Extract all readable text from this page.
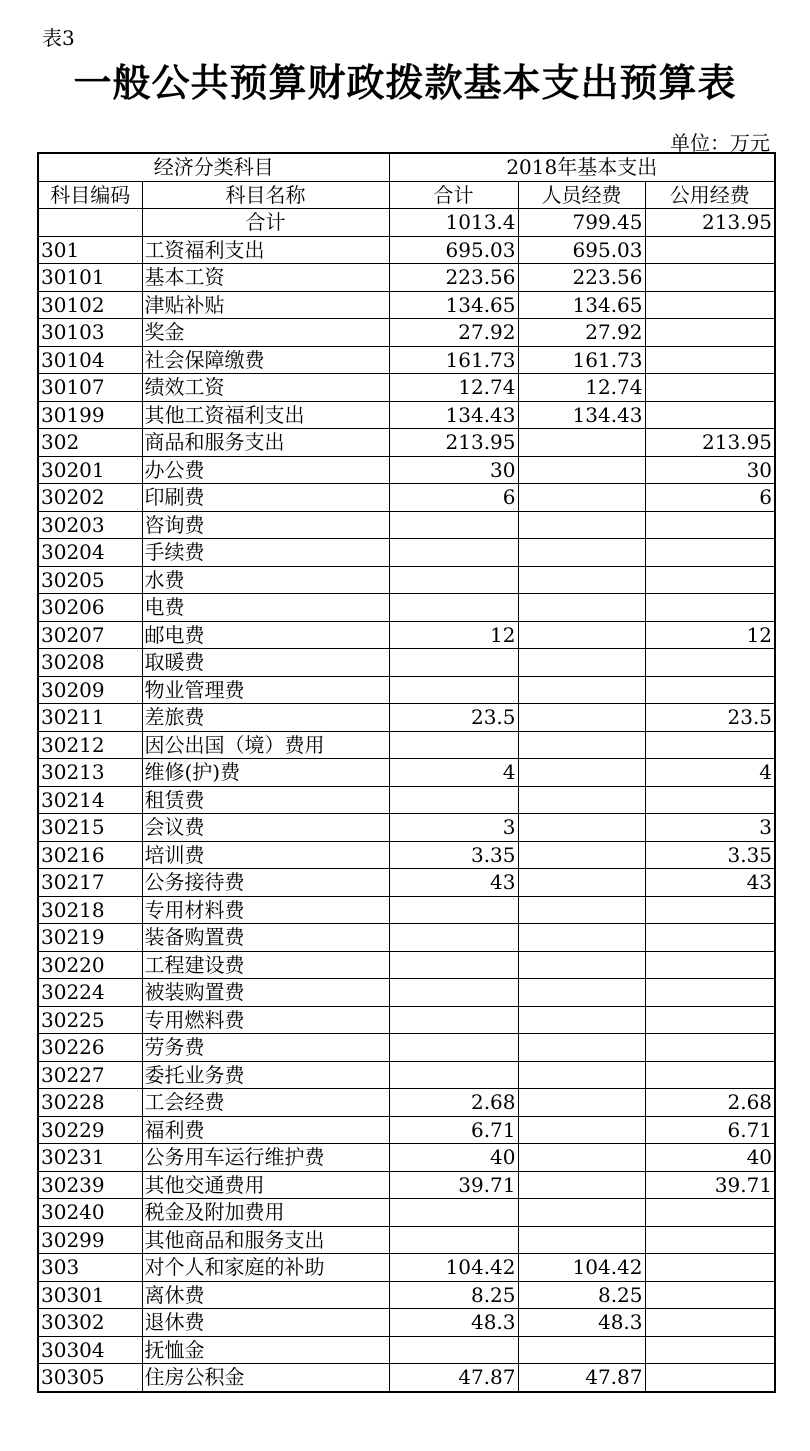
表3
一般公共预算财政拨款基本支出预算表
单位：万元
经济分类科目		2018年基本支出		
科目编码	科目名称	合计	人员经费	公用经费
	合计	1013.4	799.45	213.95
301	工资福利支出	695.03	695.03	
30101	基本工资	223.56	223.56	
30102	津贴补贴	134.65	134.65	
30103	奖金	27.92	27.92	
30104	社会保障缴费	161.73	161.73	
30107	绩效工资	12.74	12.74	
30199	其他工资福利支出	134.43	134.43	
302	商品和服务支出	213.95		213.95
30201	办公费	30		30
30202	印刷费	6		6
30203	咨询费			
30204	手续费			
30205	水费			
30206	电费			
30207	邮电费	12		12
30208	取暖费			
30209	物业管理费			
30211	差旅费	23.5		23.5
30212	因公出国（境）费用			
30213	维修(护)费	4		4
30214	租赁费			
30215	会议费	3		3
30216	培训费	3.35		3.35
30217	公务接待费	43		43
30218	专用材料费			
30219	装备购置费			
30220	工程建设费			
30224	被装购置费			
30225	专用燃料费			
30226	劳务费			
30227	委托业务费			
30228	工会经费	2.68		2.68
30229	福利费	6.71		6.71
30231	公务用车运行维护费	40		40
30239	其他交通费用	39.71		39.71
30240	税金及附加费用			
30299	其他商品和服务支出			
303	对个人和家庭的补助	104.42	104.42	
30301	离休费	8.25	8.25	
30302	退休费	48.3	48.3	
30304	抚恤金			
30305	住房公积金	47.87	47.87	
